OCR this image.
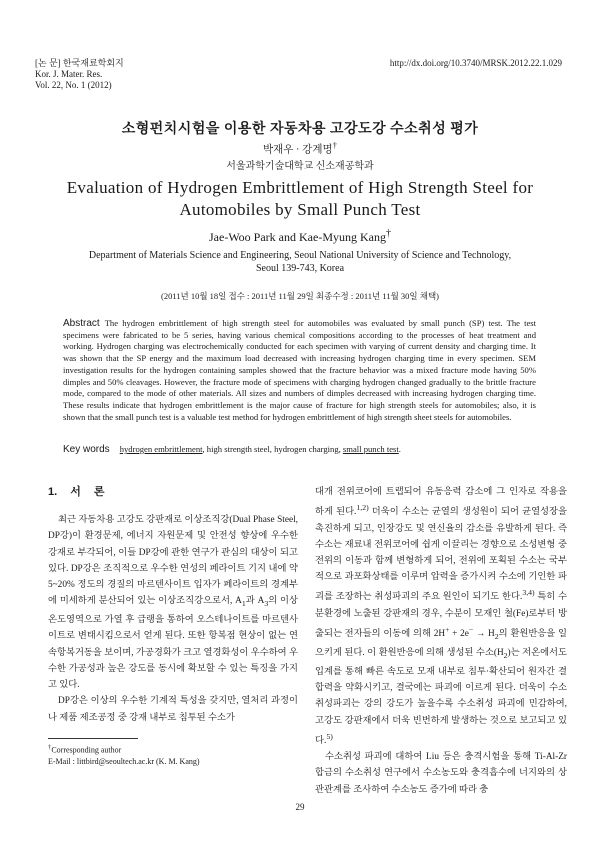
[논 문] 한국재료학회지
Kor. J. Mater. Res.
Vol. 22, No. 1 (2012)
http://dx.doi.org/10.3740/MRSK.2012.22.1.029
소형펀치시험을 이용한 자동차용 고강도강 수소취성 평가
박재우 · 강계명†
서울과학기술대학교 신소재공학과
Evaluation of Hydrogen Embrittlement of High Strength Steel for
Automobiles by Small Punch Test
Jae-Woo Park and Kae-Myung Kang†
Department of Materials Science and Engineering, Seoul National University of Science and Technology,
Seoul 139-743, Korea
(2011년 10월 18일 접수 : 2011년 11월 29일 최종수정 : 2011년 11월 30일 채택)
Abstract The hydrogen embrittlement of high strength steel for automobiles was evaluated by small punch (SP) test. The test specimens were fabricated to be 5 series, having various chemical compositions according to the processes of heat treatment and working. Hydrogen charging was electrochemically conducted for each specimen with varying of current density and charging time. It was shown that the SP energy and the maximum load decreased with increasing hydrogen charging time in every specimen. SEM investigation results for the hydrogen containing samples showed that the fracture behavior was a mixed fracture mode having 50% dimples and 50% cleavages. However, the fracture mode of specimens with charging hydrogen changed gradually to the brittle fracture mode, compared to the mode of other materials. All sizes and numbers of dimples decreased with increasing hydrogen charging time. These results indicate that hydrogen embrittlement is the major cause of fracture for high strength steels for automobiles; also, it is shown that the small punch test is a valuable test method for hydrogen embrittlement of high strength sheet steels for automobiles.
Key words hydrogen embrittlement, high strength steel, hydrogen charging, small punch test.
1. 서 론

최근 자동차용 고강도 강판재로 이상조직강(Dual Phase Steel, DP강)이 환경문제, 에너지 자원문제 및 안전성 향상에 우수한 강재로 부각되어, 이들 DP강에 관한 연구가 관심의 대상이 되고 있다. DP강은 조직적으로 우수한 연성의 페라이트 기지 내에 약 5~20% 정도의 경질의 마르텐사이트 입자가 페라이트의 경계부에 미세하게 분산되어 있는 이상조직강으로서, $A_1$과 $A_3$의 이상온도영역으로 가열 후 급랭을 통하여 오스테나이트를 마르텐사이트로 변태시킴으로서 얻게 된다. 또한 항복점 현상이 없는 연속항복거동을 보이며, 가공경화가 크고 열경화성이 우수하여 우수한 가공성과 높은 강도를 동시에 확보할 수 있는 특징을 가지고 있다.

DP강은 이상의 우수한 기계적 특성을 갖지만, 열처리 과정이나 제품 제조공정 중 강재 내부로 침투된 수소가

대개 전위코어에 트랩되어 유동응력 감소에 그 인자로 작용을 하게 된다.$^{1,2)}$ 더욱이 수소는 균열의 생성원이 되어 균열성장을 촉진하게 되고, 인장강도 및 연신율의 감소를 유발하게 된다. 즉 수소는 재료내 전위코어에 쉽게 이끌리는 경향으로 소성변형 중 전위의 이동과 함께 변형하게 되어, 전위에 포획된 수소는 국부적으로 과포화상태를 이루며 압력을 증가시켜 수소에 기인한 파괴를 조장하는 취성파괴의 주요 원인이 되기도 한다.$^{3,4)}$ 특히 수분환경에 노출된 강판재의 경우, 수분이 모재인 철(Fe)로부터 방출되는 전자들의 이동에 의해 $2H^+ + 2e^- \to H_2$의 환원반응을 일으키게 된다. 이 환원반응에 의해 생성된 수소$(H_2)$는 저온에서도 입계를 통해 빠른 속도로 모재 내부로 침투·확산되어 원자간 결합력을 약화시키고, 결국에는 파괴에 이르게 된다. 더욱이 수소취성파괴는 강의 강도가 높을수록 수소취성 파괴에 민감하여, 고강도 강판재에서 더욱 빈번하게 발생하는 것으로 보고되고 있다.$^{5)}$

수소취성 파괴에 대하여 Liu 등은 충격시험을 통해 Ti-Al-Zr 합금의 수소취성 연구에서 수소농도와 충격흡수에 너지와의 상관관계를 조사하여 수소농도 증가에 따라 충

†Corresponding author
E-Mail : littbird@seoultech.ac.kr (K. M. Kang)
29
